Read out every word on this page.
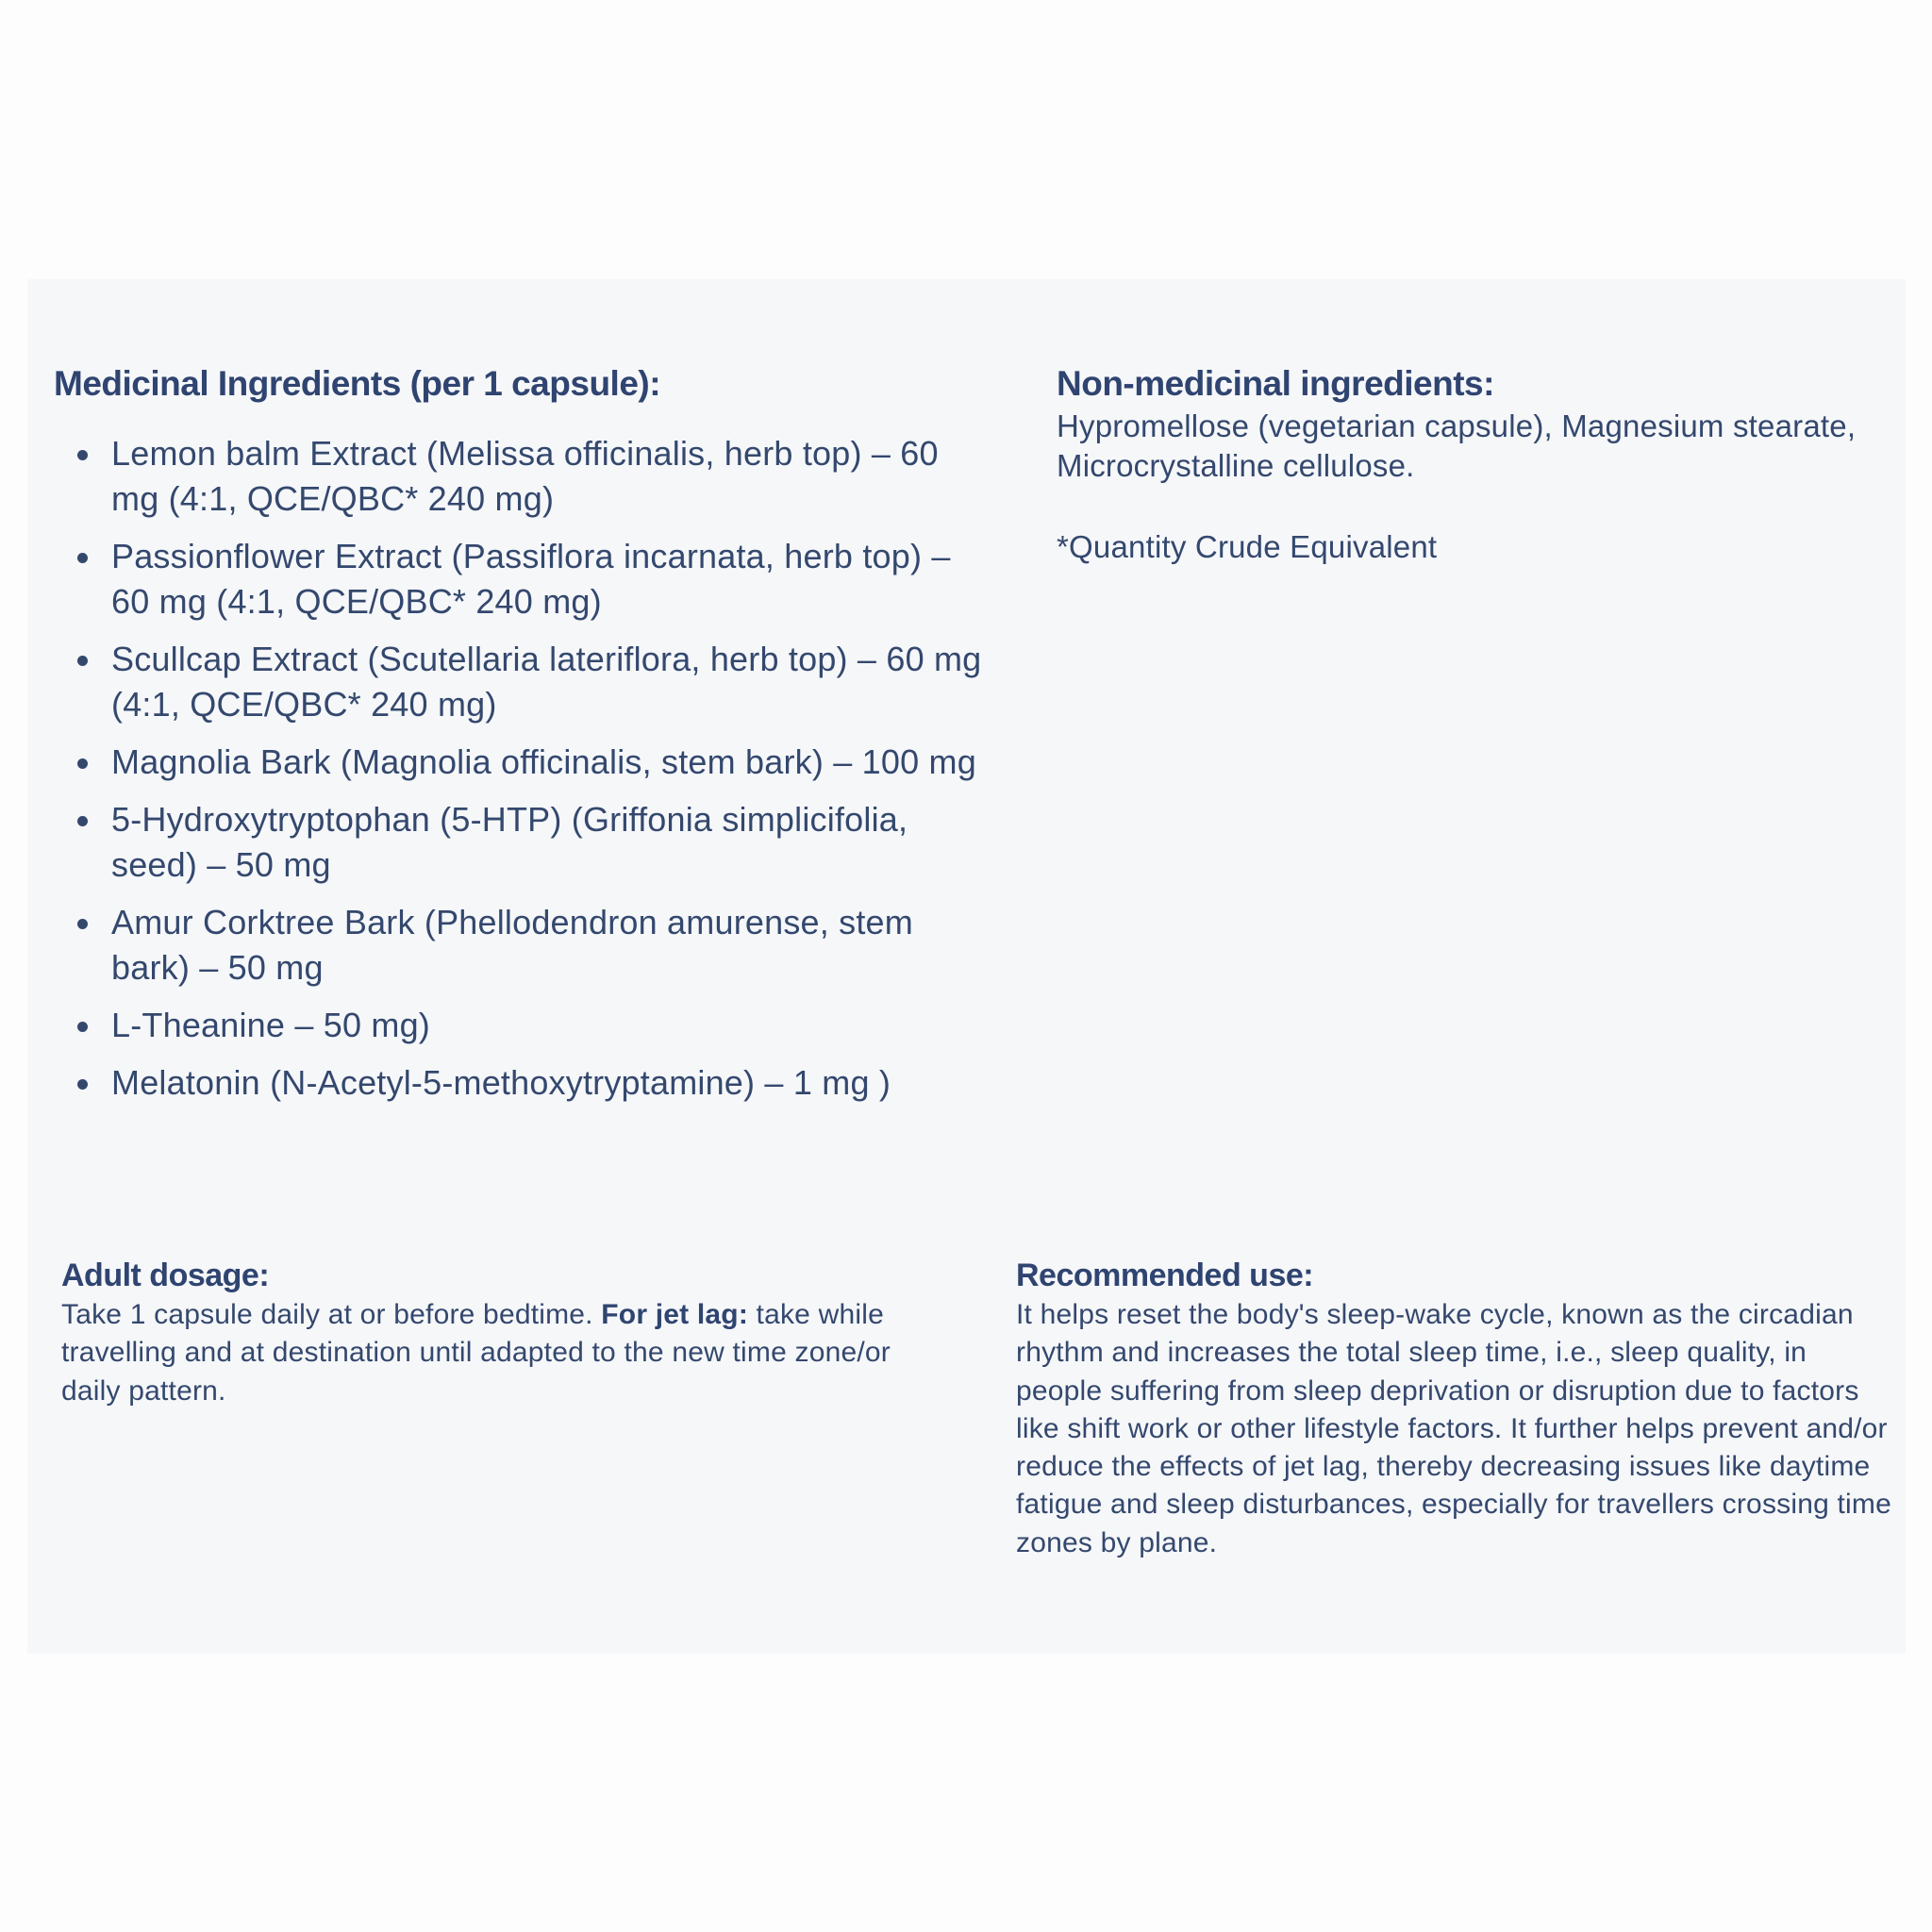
Medicinal Ingredients (per 1 capsule):
Lemon balm Extract (Melissa officinalis, herb top) – 60 mg (4:1, QCE/QBC* 240 mg)
Passionflower Extract (Passiflora incarnata, herb top) – 60 mg (4:1, QCE/QBC* 240 mg)
Scullcap Extract (Scutellaria lateriflora, herb top) – 60 mg (4:1, QCE/QBC* 240 mg)
Magnolia Bark (Magnolia officinalis, stem bark) – 100 mg
5-Hydroxytryptophan (5-HTP) (Griffonia simplicifolia, seed) – 50 mg
Amur Corktree Bark (Phellodendron amurense, stem bark) – 50 mg
L-Theanine – 50 mg)
Melatonin (N-Acetyl-5-methoxytryptamine) – 1 mg )
Non-medicinal ingredients:

Hypromellose (vegetarian capsule), Magnesium stearate, Microcrystalline cellulose.

*Quantity Crude Equivalent

Adult dosage:

Take 1 capsule daily at or before bedtime. For jet lag: take while travelling and at destination until adapted to the new time zone/or daily pattern.

Recommended use:

It helps reset the body's sleep-wake cycle, known as the circadian rhythm and increases the total sleep time, i.e., sleep quality, in people suffering from sleep deprivation or disruption due to factors like shift work or other lifestyle factors. It further helps prevent and/or reduce the effects of jet lag, thereby decreasing issues like daytime fatigue and sleep disturbances, especially for travellers crossing time zones by plane.
